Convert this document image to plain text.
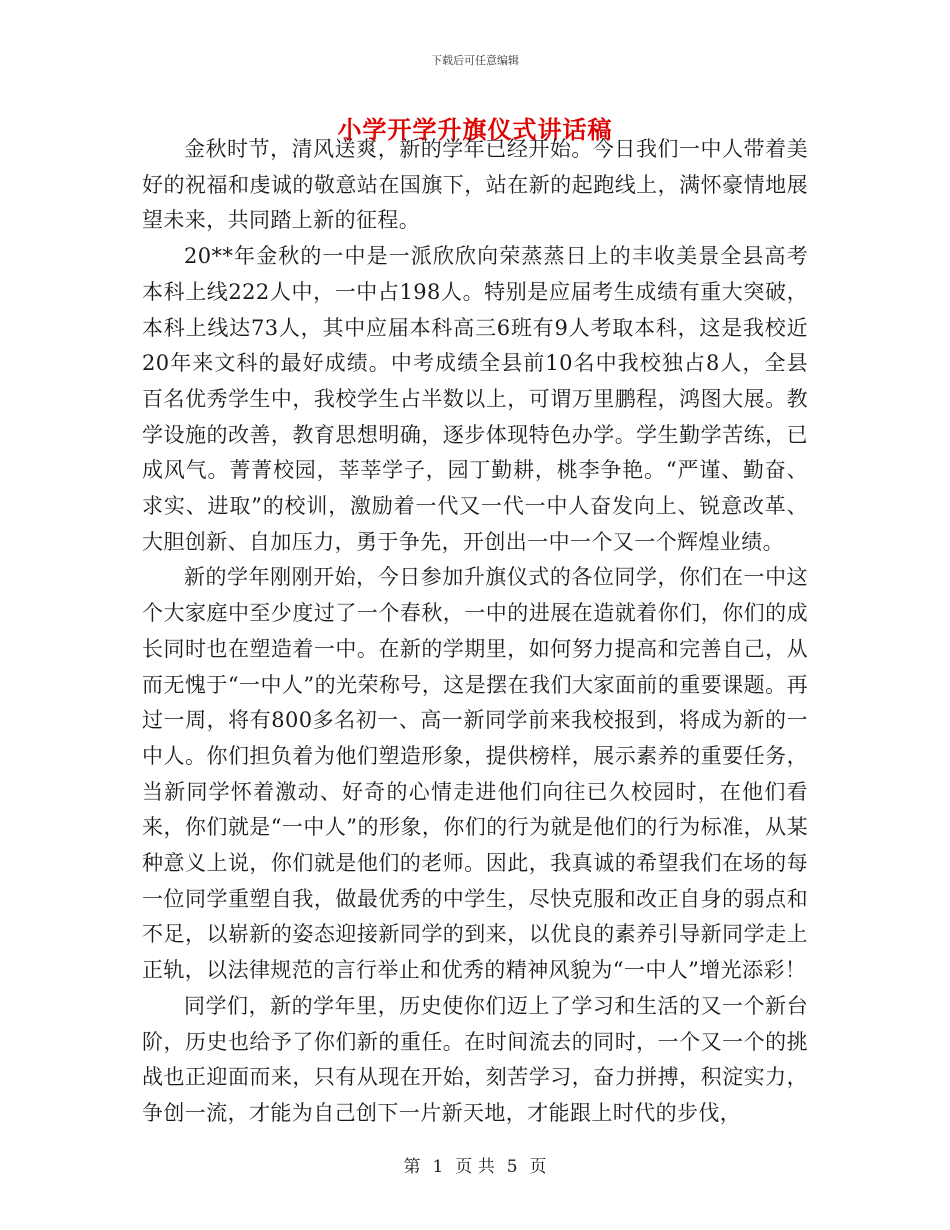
下载后可任意编辑
小学开学升旗仪式讲话稿

金秋时节，清风送爽，新的学年已经开始。今日我们一中人带着美好的祝福和虔诚的敬意站在国旗下，站在新的起跑线上，满怀豪情地展望未来，共同踏上新的征程。

20**年金秋的一中是一派欣欣向荣蒸蒸日上的丰收美景全县高考本科上线222人中，一中占198人。特别是应届考生成绩有重大突破，本科上线达73人，其中应届本科高三6班有9人考取本科，这是我校近20年来文科的最好成绩。中考成绩全县前10名中我校独占8人，全县百名优秀学生中，我校学生占半数以上，可谓万里鹏程，鸿图大展。教学设施的改善，教育思想明确，逐步体现特色办学。学生勤学苦练，已成风气。菁菁校园，莘莘学子，园丁勤耕，桃李争艳。“严谨、勤奋、求实、进取”的校训，激励着一代又一代一中人奋发向上、锐意改革、大胆创新、自加压力，勇于争先，开创出一中一个又一个辉煌业绩。

新的学年刚刚开始，今日参加升旗仪式的各位同学，你们在一中这个大家庭中至少度过了一个春秋，一中的进展在造就着你们，你们的成长同时也在塑造着一中。在新的学期里，如何努力提高和完善自己，从而无愧于“一中人”的光荣称号，这是摆在我们大家面前的重要课题。再过一周，将有800多名初一、高一新同学前来我校报到，将成为新的一中人。你们担负着为他们塑造形象，提供榜样，展示素养的重要任务，当新同学怀着激动、好奇的心情走进他们向往已久校园时，在他们看来，你们就是“一中人”的形象，你们的行为就是他们的行为标准，从某种意义上说，你们就是他们的老师。因此，我真诚的希望我们在场的每一位同学重塑自我，做最优秀的中学生，尽快克服和改正自身的弱点和不足，以崭新的姿态迎接新同学的到来，以优良的素养引导新同学走上正轨，以法律规范的言行举止和优秀的精神风貌为“一中人”增光添彩！

同学们，新的学年里，历史使你们迈上了学习和生活的又一个新台阶，历史也给予了你们新的重任。在时间流去的同时，一个又一个的挑战也正迎面而来，只有从现在开始，刻苦学习，奋力拼搏，积淀实力，争创一流，才能为自己创下一片新天地，才能跟上时代的步伐，

第 1 页 共 5 页
